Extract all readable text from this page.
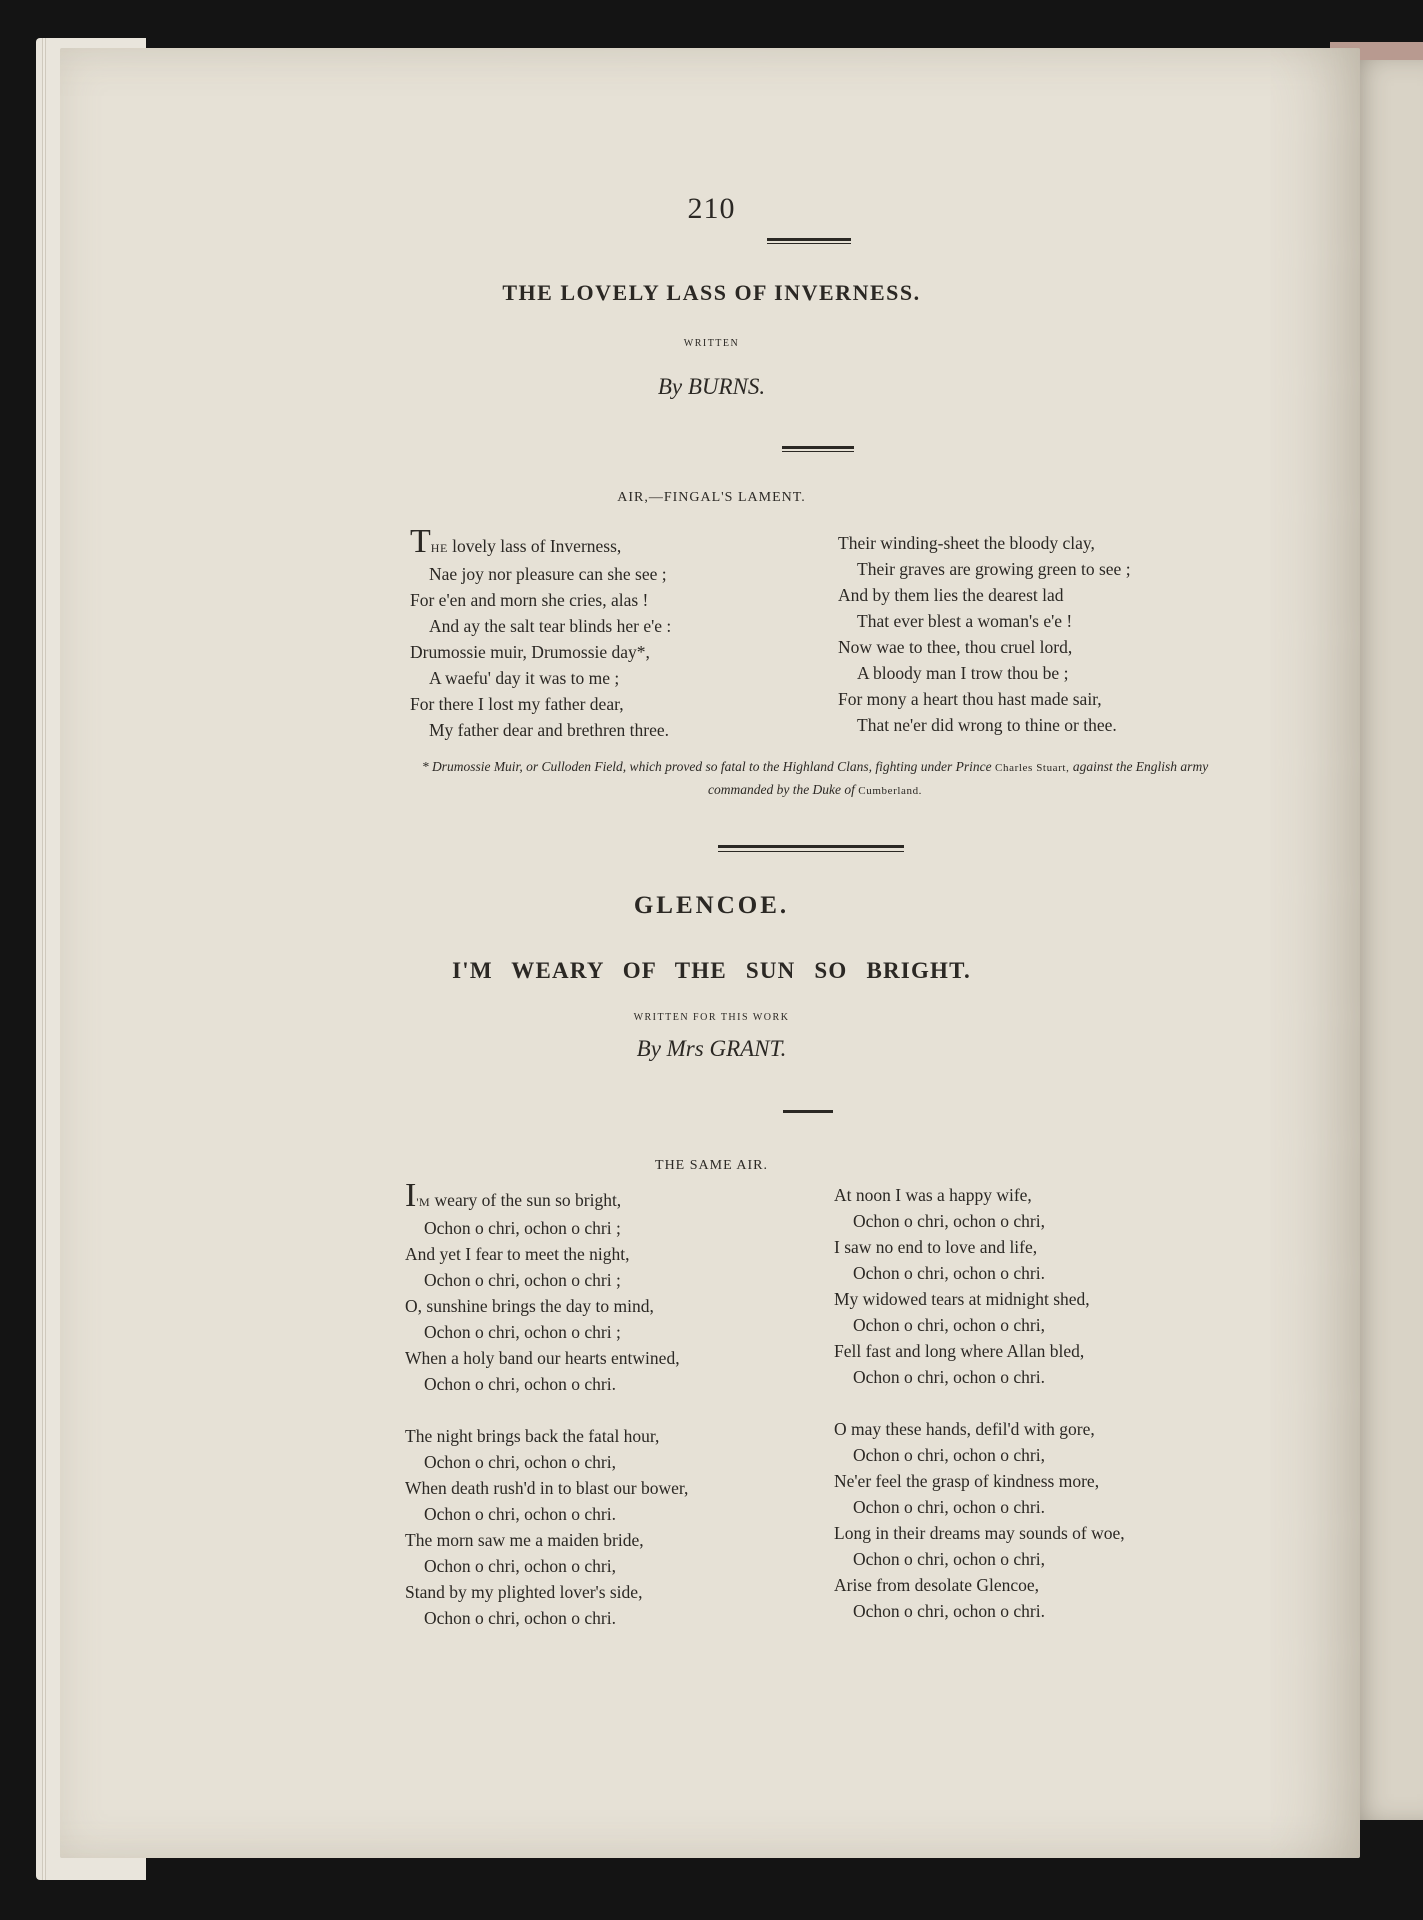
210
THE LOVELY LASS OF INVERNESS.
WRITTEN
By BURNS.
AIR,—FINGAL'S LAMENT.
THE lovely lass of Inverness,
Nae joy nor pleasure can she see ;
For e'en and morn she cries, alas !
And ay the salt tear blinds her e'e :
Drumossie muir, Drumossie day*,
A waefu' day it was to me ;
For there I lost my father dear,
My father dear and brethren three.
Their winding-sheet the bloody clay,
Their graves are growing green to see ;
And by them lies the dearest lad
That ever blest a woman's e'e !
Now wae to thee, thou cruel lord,
A bloody man I trow thou be ;
For mony a heart thou hast made sair,
That ne'er did wrong to thine or thee.
* Drumossie Muir, or Culloden Field, which proved so fatal to the Highland Clans, fighting under Prince Charles Stuart, against the English army commanded by the Duke of Cumberland.
GLENCOE.
I'M WEARY OF THE SUN SO BRIGHT.
WRITTEN FOR THIS WORK
By Mrs GRANT.
THE SAME AIR.
I'M weary of the sun so bright,
Ochon o chri, ochon o chri ;
And yet I fear to meet the night,
Ochon o chri, ochon o chri ;
O, sunshine brings the day to mind,
Ochon o chri, ochon o chri ;
When a holy band our hearts entwined,
Ochon o chri, ochon o chri.
The night brings back the fatal hour,
Ochon o chri, ochon o chri,
When death rush'd in to blast our bower,
Ochon o chri, ochon o chri.
The morn saw me a maiden bride,
Ochon o chri, ochon o chri,
Stand by my plighted lover's side,
Ochon o chri, ochon o chri.
At noon I was a happy wife,
Ochon o chri, ochon o chri,
I saw no end to love and life,
Ochon o chri, ochon o chri.
My widowed tears at midnight shed,
Ochon o chri, ochon o chri,
Fell fast and long where Allan bled,
Ochon o chri, ochon o chri.
O may these hands, defil'd with gore,
Ochon o chri, ochon o chri,
Ne'er feel the grasp of kindness more,
Ochon o chri, ochon o chri.
Long in their dreams may sounds of woe,
Ochon o chri, ochon o chri,
Arise from desolate Glencoe,
Ochon o chri, ochon o chri.
